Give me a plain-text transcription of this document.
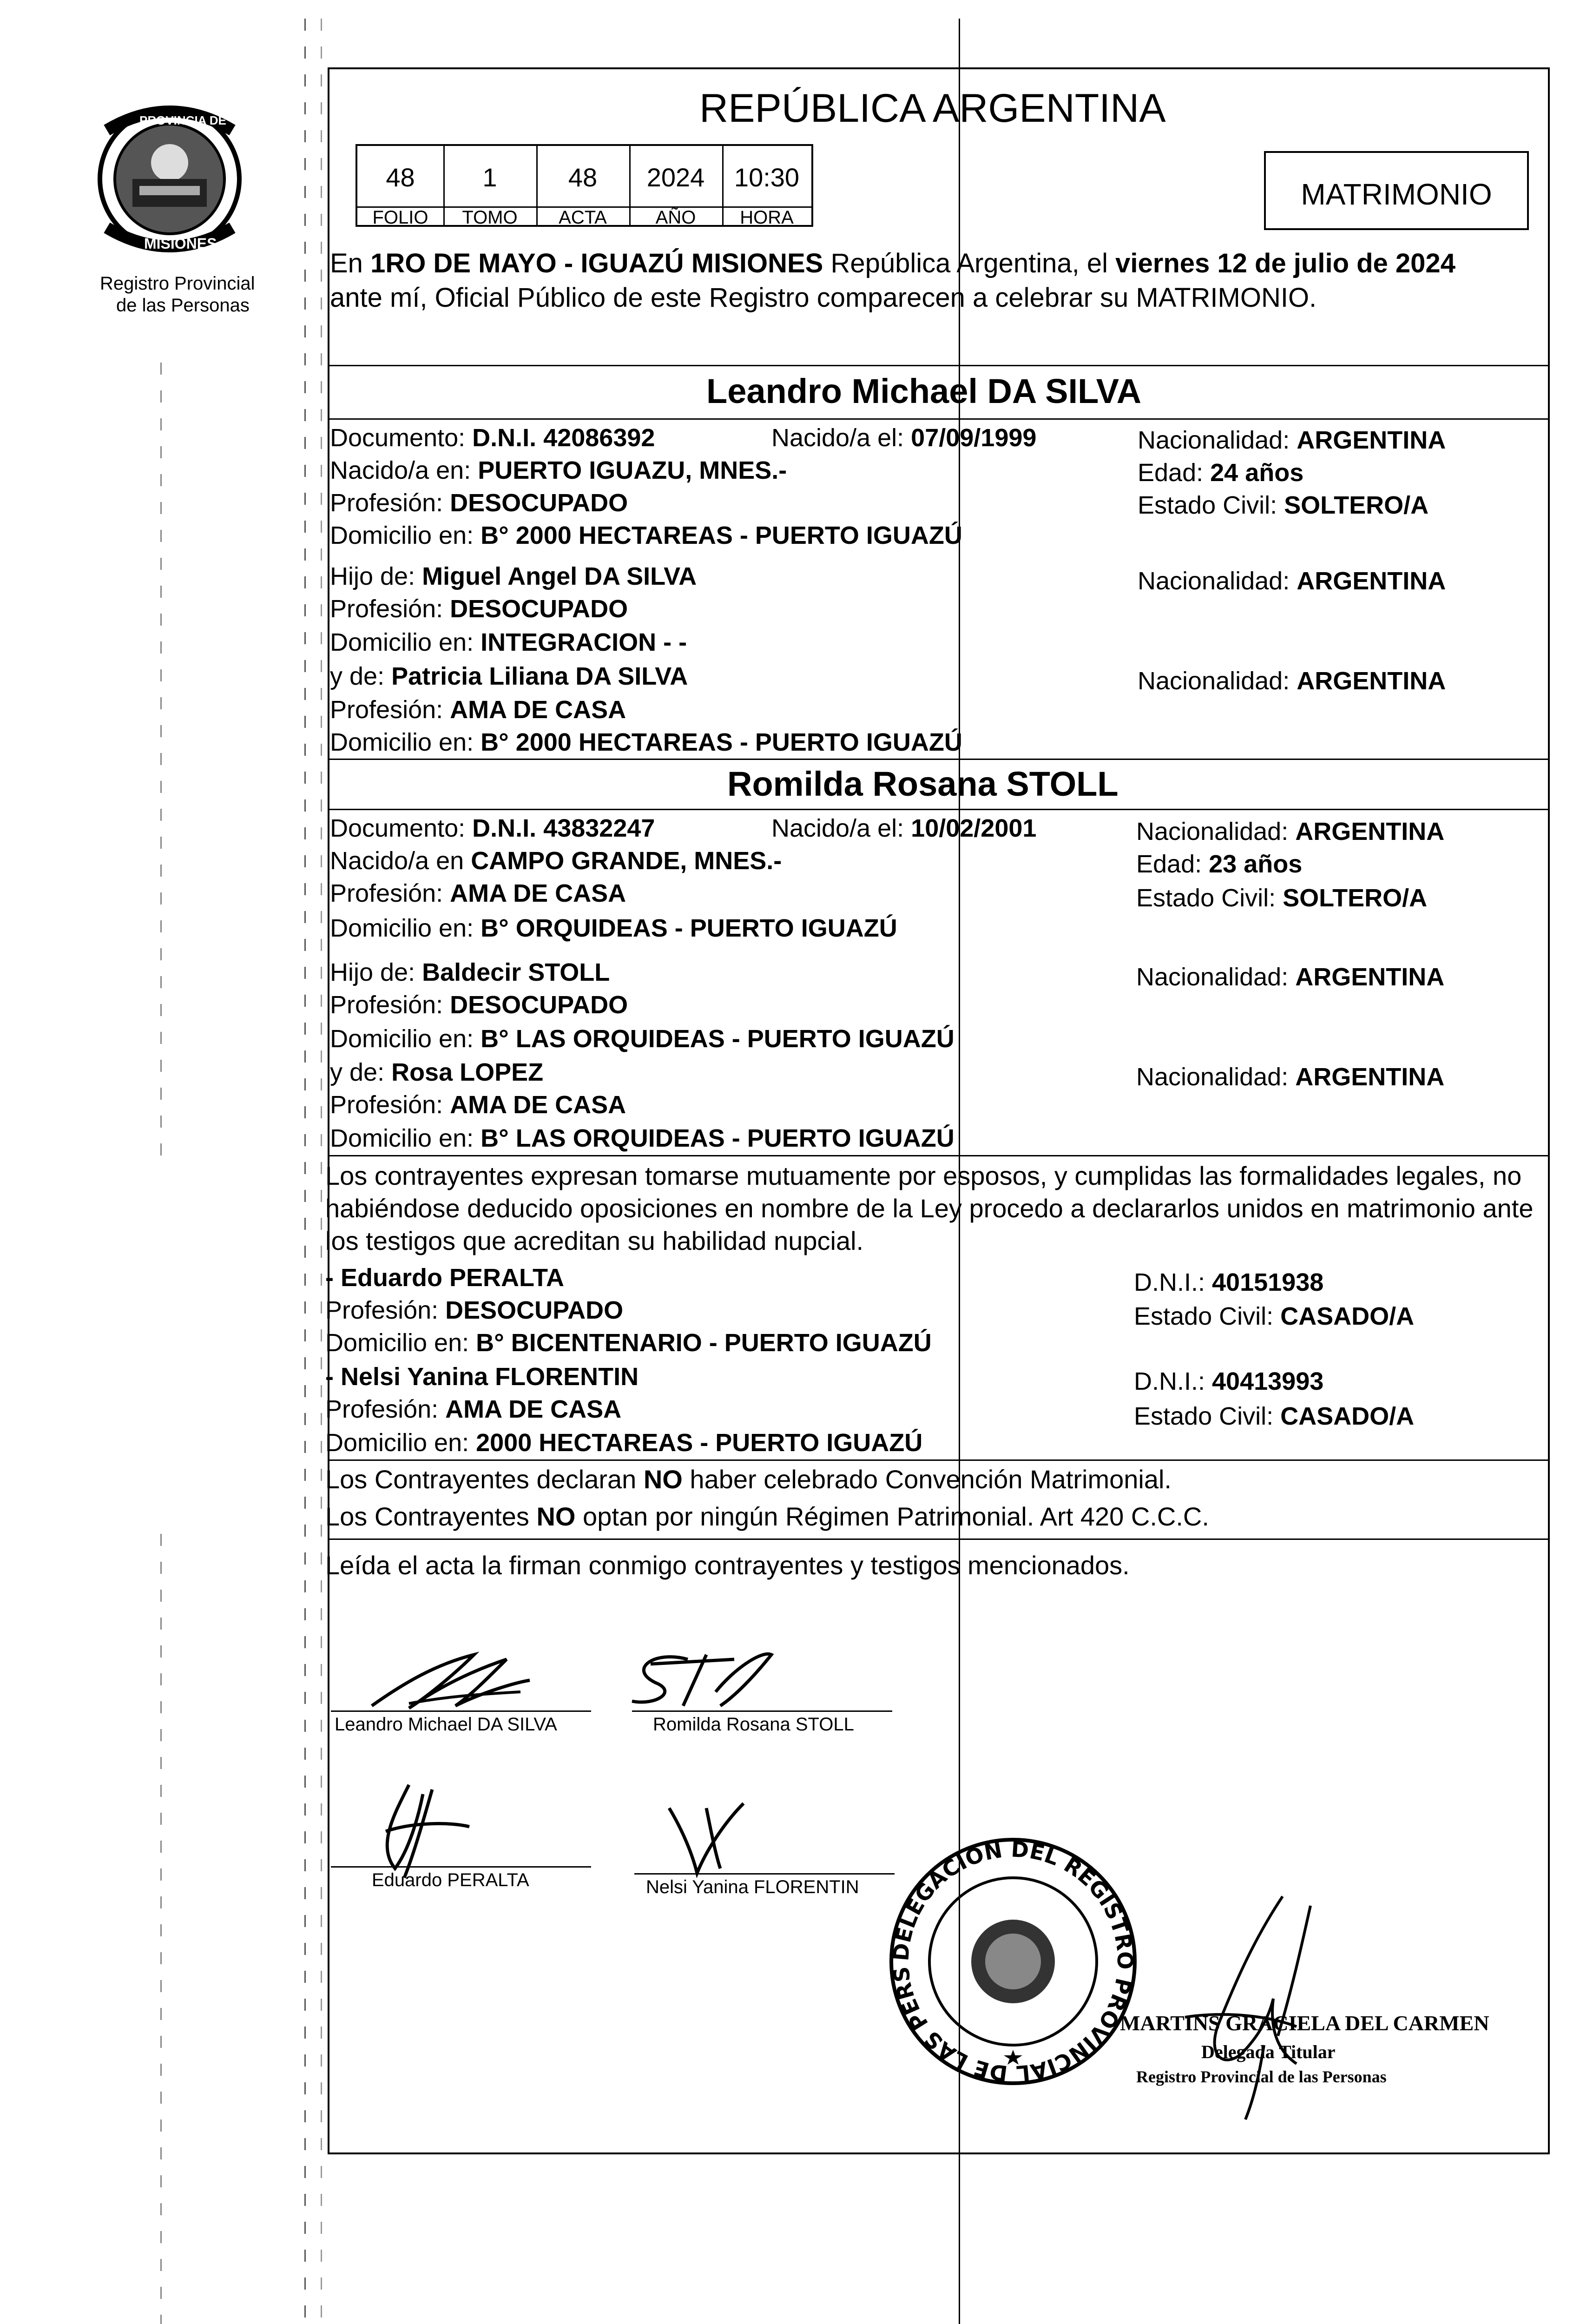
PROVINCIA DE
MISIONES
Registro Provincial
de las Personas
REPÚBLICA ARGENTINA
MATRIMONIO
48	1	48	2024	10:30
FOLIO	TOMO	ACTA	AÑO	HORA
En 1RO DE MAYO - IGUAZÚ MISIONES República Argentina, el viernes 12 de julio de 2024
ante mí, Oficial Público de este Registro comparecen a celebrar su MATRIMONIO.
Leandro Michael DA SILVA
Documento: D.N.I. 42086392	Nacido/a el: 07/09/1999	Nacionalidad: ARGENTINA
Nacido/a en: PUERTO IGUAZU, MNES.-	Edad: 24 años
Profesión: DESOCUPADO	Estado Civil: SOLTERO/A
Domicilio en: B° 2000 HECTAREAS - PUERTO IGUAZÚ
Hijo de: Miguel Angel DA SILVA	Nacionalidad: ARGENTINA
Profesión: DESOCUPADO
Domicilio en: INTEGRACION - -
y de: Patricia Liliana DA SILVA	Nacionalidad: ARGENTINA
Profesión: AMA DE CASA
Domicilio en: B° 2000 HECTAREAS - PUERTO IGUAZÚ
Romilda Rosana STOLL
Documento: D.N.I. 43832247	Nacido/a el: 10/02/2001	Nacionalidad: ARGENTINA
Nacido/a en CAMPO GRANDE, MNES.-	Edad: 23 años
Profesión: AMA DE CASA	Estado Civil: SOLTERO/A
Domicilio en: B° ORQUIDEAS - PUERTO IGUAZÚ
Hijo de: Baldecir STOLL	Nacionalidad: ARGENTINA
Profesión: DESOCUPADO
Domicilio en: B° LAS ORQUIDEAS - PUERTO IGUAZÚ
y de: Rosa LOPEZ	Nacionalidad: ARGENTINA
Profesión: AMA DE CASA
Domicilio en: B° LAS ORQUIDEAS - PUERTO IGUAZÚ
Los contrayentes expresan tomarse mutuamente por esposos, y cumplidas las formalidades legales, no
habiéndose deducido oposiciones en nombre de la Ley procedo a declararlos unidos en matrimonio ante
los testigos que acreditan su habilidad nupcial.
- Eduardo PERALTA	D.N.I.: 40151938
Profesión: DESOCUPADO	Estado Civil: CASADO/A
Domicilio en: B° BICENTENARIO - PUERTO IGUAZÚ
- Nelsi Yanina FLORENTIN	D.N.I.: 40413993
Profesión: AMA DE CASA	Estado Civil: CASADO/A
Domicilio en: 2000 HECTAREAS - PUERTO IGUAZÚ
Los Contrayentes declaran NO haber celebrado Convención Matrimonial.
Los Contrayentes NO optan por ningún Régimen Patrimonial. Art 420 C.C.C.
Leída el acta la firman conmigo contrayentes y testigos mencionados.
Leandro Michael DA SILVA	Romilda Rosana STOLL
Eduardo PERALTA	Nelsi Yanina FLORENTIN
DELEGACION DEL REGISTRO PROVINCIAL DE LAS PERS
MARTINS GRACIELA DEL CARMEN
Delegada Titular
Registro Provincial de las Personas
